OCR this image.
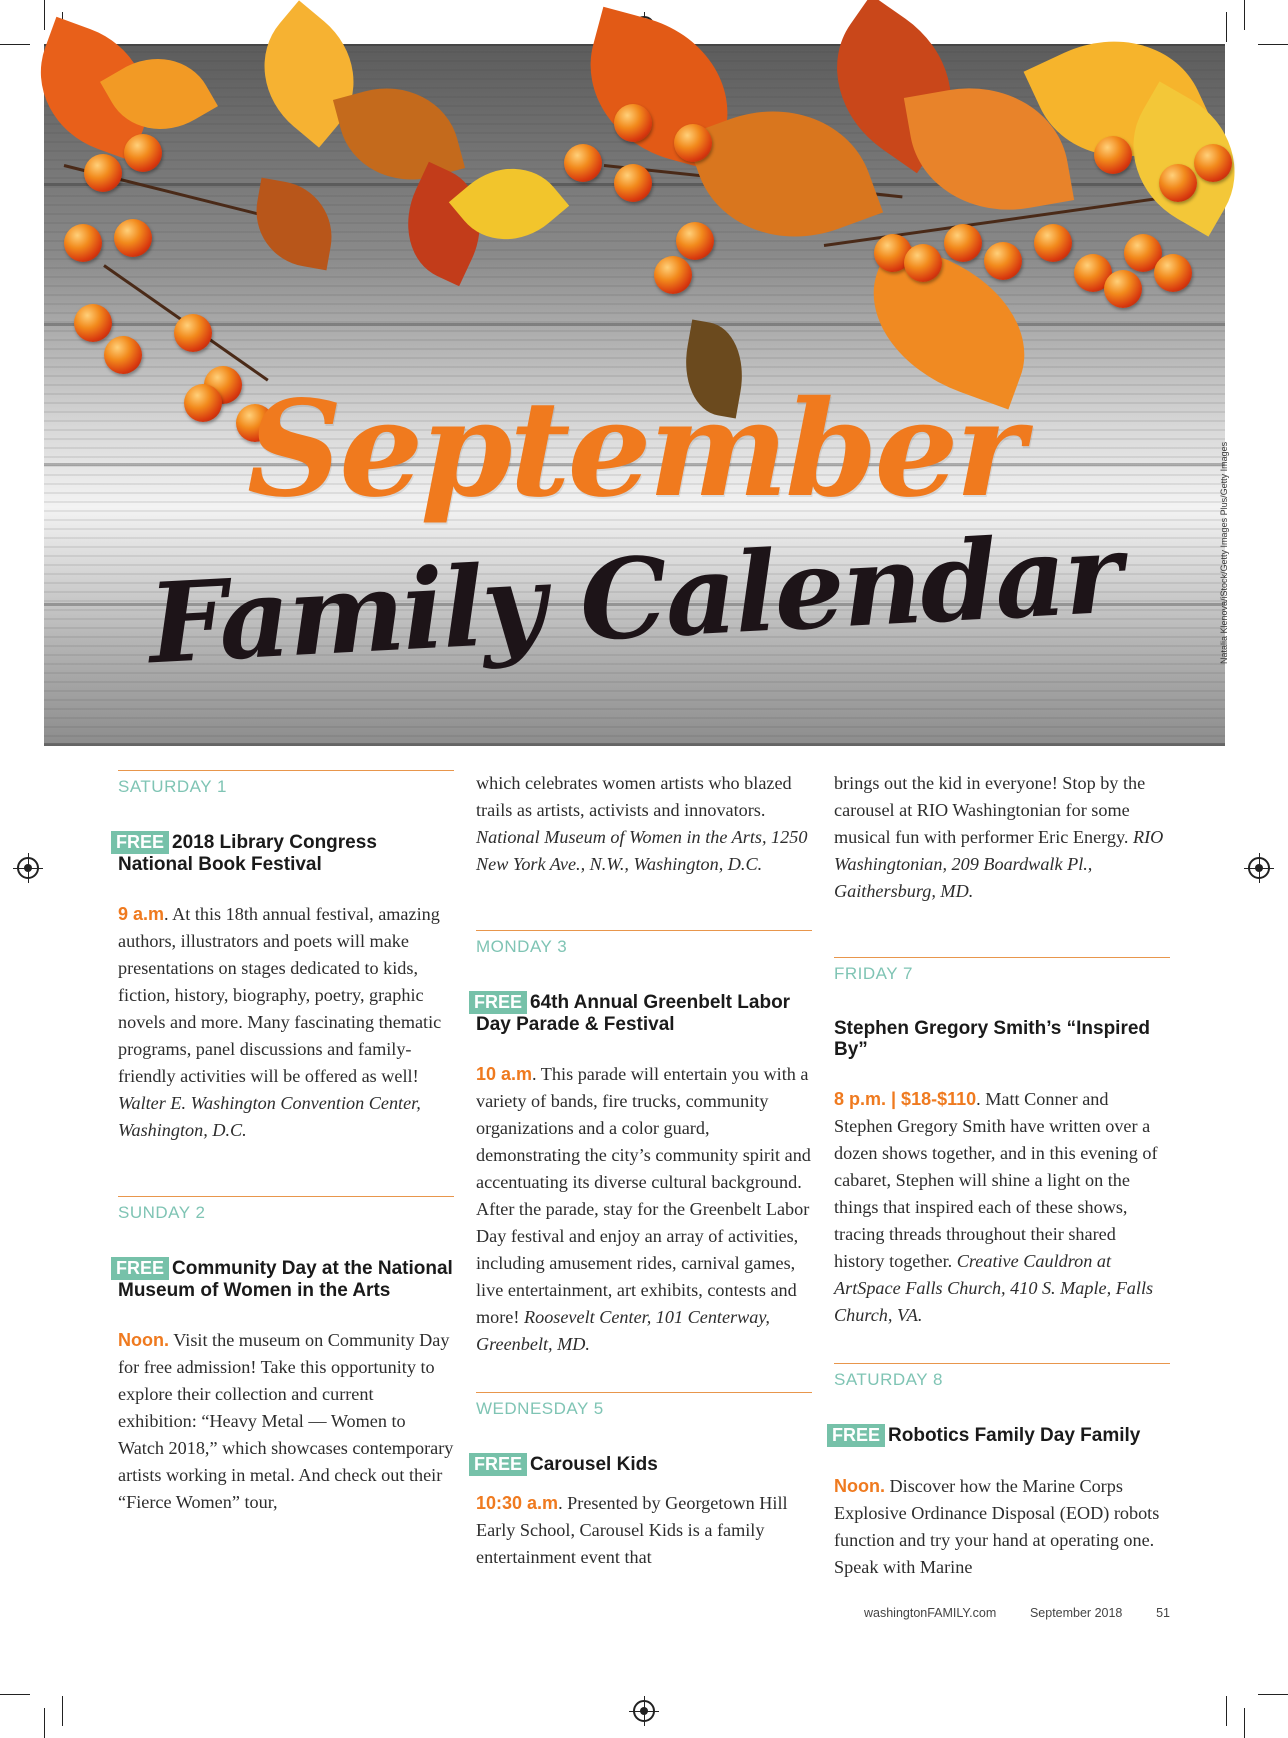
September
Family Calendar	Natalia Klenova/iStock/Getty Images Plus/Getty Images
SATURDAY 1
FREE 2018 Library Congress National Book Festival

9 a.m. At this 18th annual festival, amazing authors, illustrators and poets will make presentations on stages dedicated to kids, fiction, history, biography, poetry, graphic novels and more. Many fascinating thematic programs, panel discussions and family-friendly activities will be offered as well! Walter E. Washington Convention Center, Washington, D.C.

SUNDAY 2
FREE Community Day at the National Museum of Women in the Arts

Noon. Visit the museum on Community Day for free admission! Take this opportunity to explore their collection and current exhibition: “Heavy Metal — Women to Watch 2018,” which showcases contemporary artists working in metal. And check out their “Fierce Women” tour,

which celebrates women artists who blazed trails as artists, activists and innovators. National Museum of Women in the Arts, 1250 New York Ave., N.W., Washington, D.C.

MONDAY 3
FREE 64th Annual Greenbelt Labor Day Parade & Festival

10 a.m. This parade will entertain you with a variety of bands, fire trucks, community organizations and a color guard, demonstrating the city’s community spirit and accentuating its diverse cultural background. After the parade, stay for the Greenbelt Labor Day festival and enjoy an array of activities, including amusement rides, carnival games, live entertainment, art exhibits, contests and more! Roosevelt Center, 101 Centerway, Greenbelt, MD.

WEDNESDAY 5
FREE Carousel Kids

10:30 a.m. Presented by Georgetown Hill Early School, Carousel Kids is a family entertainment event that

brings out the kid in everyone! Stop by the carousel at RIO Washingtonian for some musical fun with performer Eric Energy. RIO Washingtonian, 209 Boardwalk Pl., Gaithersburg, MD.

FRIDAY 7
Stephen Gregory Smith’s “Inspired By”

8 p.m. | $18-$110. Matt Conner and Stephen Gregory Smith have written over a dozen shows together, and in this evening of cabaret, Stephen will shine a light on the things that inspired each of these shows, tracing threads throughout their shared history together. Creative Cauldron at ArtSpace Falls Church, 410 S. Maple, Falls Church, VA.

SATURDAY 8
FREE Robotics Family Day Family

Noon. Discover how the Marine Corps Explosive Ordinance Disposal (EOD) robots function and try your hand at operating one. Speak with Marine

washingtonFAMILY.com	September 2018	51
